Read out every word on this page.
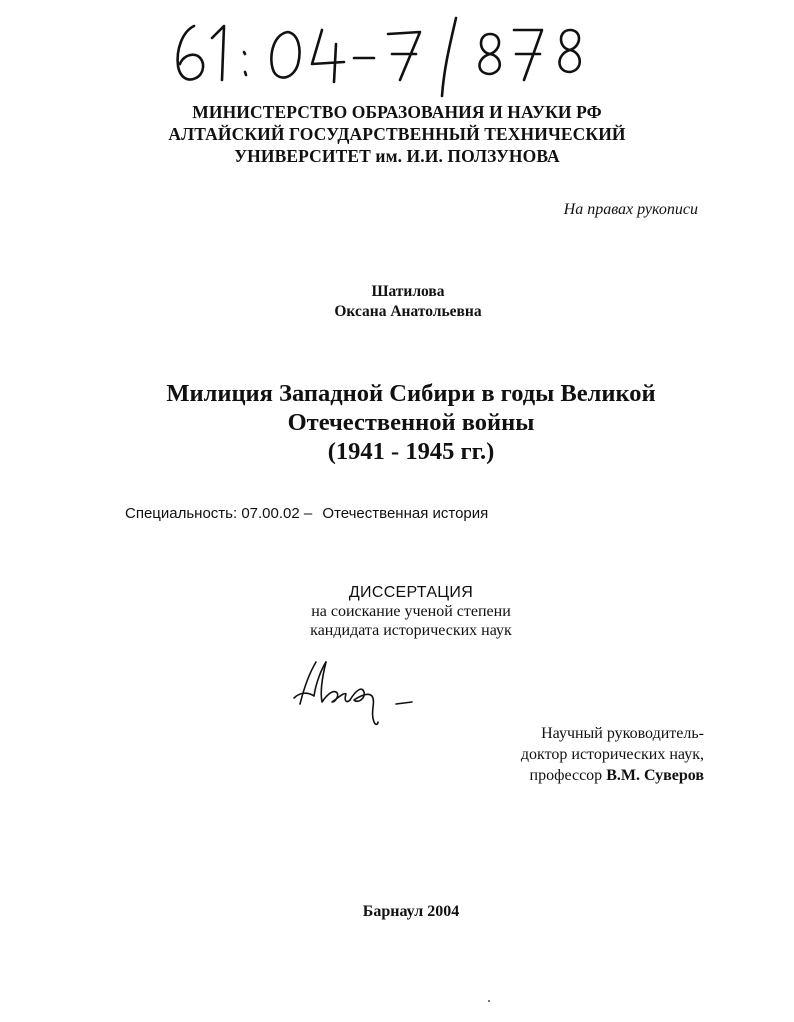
МИНИСТЕРСТВО ОБРАЗОВАНИЯ И НАУКИ РФ
АЛТАЙСКИЙ ГОСУДАРСТВЕННЫЙ ТЕХНИЧЕСКИЙ
УНИВЕРСИТЕТ им. И.И. ПОЛЗУНОВА
На правах рукописи
Шатилова
Оксана Анатольевна
Милиция Западной Сибири в годы Великой
Отечественной войны
(1941 - 1945 гг.)
Специальность: 07.00.02 – Отечественная история
ДИССЕРТАЦИЯ
на соискание ученой степени
кандидата исторических наук
Научный руководитель-
доктор исторических наук,
профессор В.М. Суверов
Барнаул 2004
